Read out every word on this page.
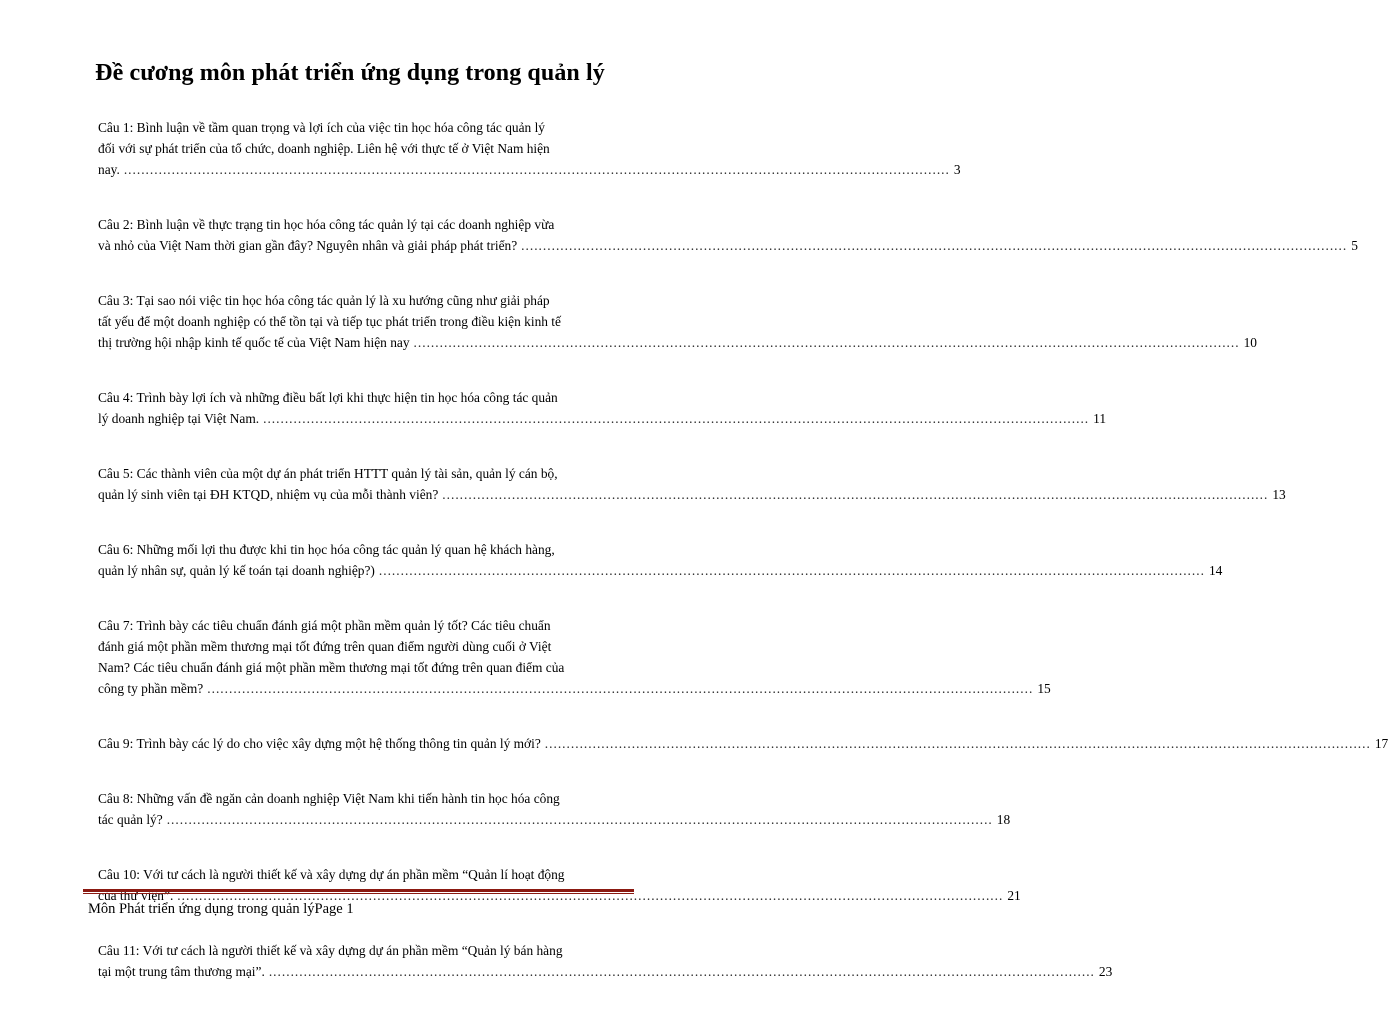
Đề cương môn phát triển ứng dụng trong quản lý
Câu 1: Bình luận về tầm quan trọng và lợi ích của việc tin học hóa công tác quản lý
đối với sự phát triển của tổ chức, doanh nghiệp. Liên hệ với thực tế ở Việt Nam hiện
nay. .....	3
Câu 2: Bình luận về thực trạng tin học hóa công tác quản lý tại các doanh nghiệp vừa
và nhỏ của Việt Nam thời gian gần đây? Nguyên nhân và giải pháp phát triển? .....	5
Câu 3: Tại sao nói việc tin học hóa công tác quản lý là xu hướng cũng như giải pháp
tất yếu để một doanh nghiệp có thể tồn tại và tiếp tục phát triển trong điều kiện kinh tế
thị trường hội nhập kinh tế quốc tế của Việt Nam hiện nay .....	10
Câu 4: Trình bày lợi ích và những điều bất lợi khi thực hiện tin học hóa công tác quản
lý doanh nghiệp tại Việt Nam. .....	11
Câu 5: Các thành viên của một dự án phát triển HTTT quản lý tài sản, quản lý cán bộ,
quản lý sinh viên tại ĐH KTQD, nhiệm vụ của mỗi thành viên? .....	13
Câu 6: Những mối lợi thu được khi tin học hóa công tác quản lý quan hệ khách hàng,
quản lý nhân sự, quản lý kế toán tại doanh nghiệp?) .....	14
Câu 7: Trình bày các tiêu chuẩn đánh giá một phần mềm quản lý tốt? Các tiêu chuẩn
đánh giá một phần mềm thương mại tốt đứng trên quan điểm người dùng cuối ở Việt
Nam? Các tiêu chuẩn đánh giá một phần mềm thương mại tốt đứng trên quan điểm của
công ty phần mềm? .....	15
Câu 9: Trình bày các lý do cho việc xây dựng một hệ thống thông tin quản lý mới? .....	17
Câu 8: Những vấn đề ngăn cản doanh nghiệp Việt Nam khi tiến hành tin học hóa công
tác quản lý? .....	18
Câu 10: Với tư cách là người thiết kế và xây dựng dự án phần mềm “Quản lí hoạt động
của thư viện”. .....	21
Câu 11: Với tư cách là người thiết kế và xây dựng dự án phần mềm “Quản lý bán hàng
tại một trung tâm thương mại”. .....	23
Môn Phát triển ứng dụng trong quản lýPage 1
